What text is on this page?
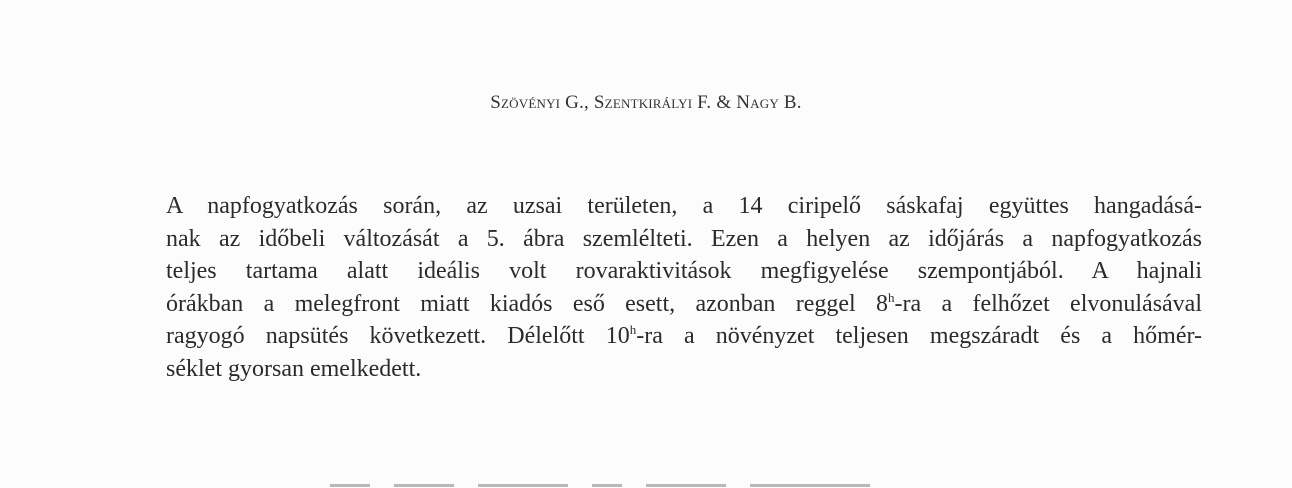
Szövényi G., Szentkirályi F. & Nagy B.
A napfogyatkozás során, az uzsai területen, a 14 ciripelő sáskafaj együttes hangadásá-
nak az időbeli változását a 5. ábra szemlélteti. Ezen a helyen az időjárás a napfogyatkozás
teljes tartama alatt ideális volt rovaraktivitások megfigyelése szempontjából. A hajnali
órákban a melegfront miatt kiadós eső esett, azonban reggel 8$^h$-ra a felhőzet elvonulásával
ragyogó napsütés következett. Délelőtt 10$^h$-ra a növényzet teljesen megszáradt és a hőmér-
séklet gyorsan emelkedett.
